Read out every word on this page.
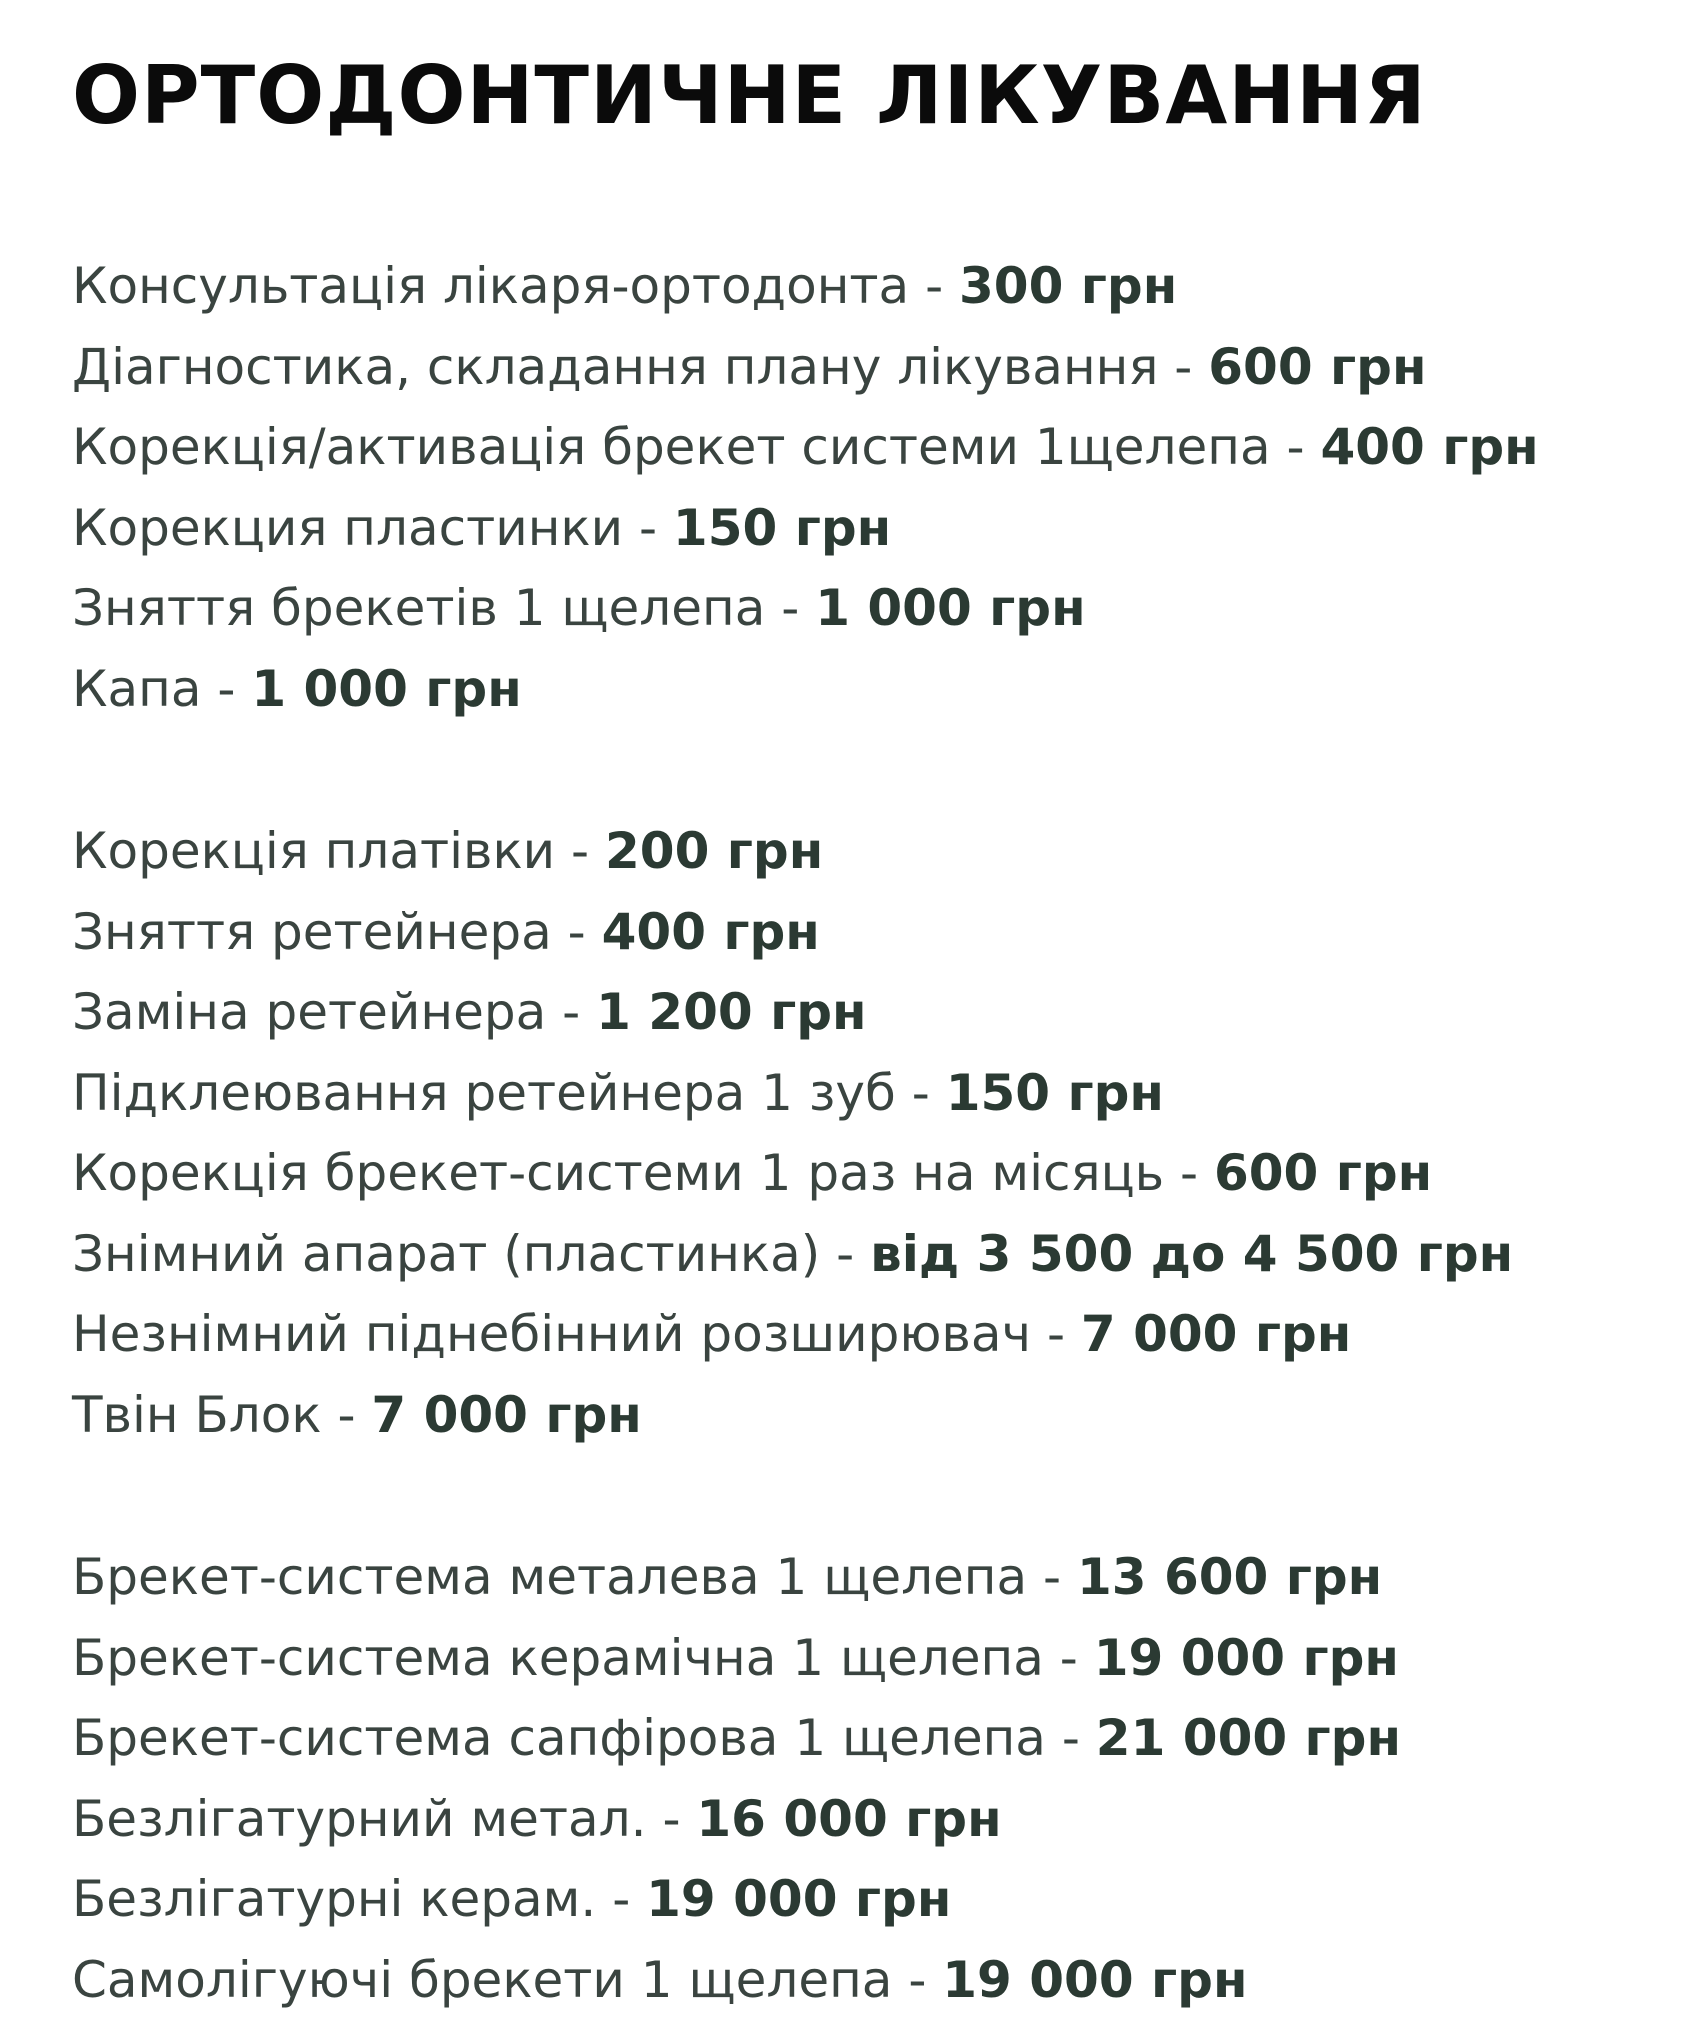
ОРТОДОНТИЧНЕ ЛІКУВАННЯ
Консультація лікаря-ортодонта - 300 грн
Діагностика, складання плану лікування - 600 грн
Корекція/активація брекет системи 1щелепа - 400 грн
Корекция пластинки - 150 грн
Зняття брекетів 1 щелепа - 1 000 грн
Капа - 1 000 грн
Корекція платівки - 200 грн
Зняття ретейнера - 400 грн
Заміна ретейнера - 1 200 грн
Підклеювання ретейнера 1 зуб - 150 грн
Корекція брекет-системи 1 раз на місяць - 600 грн
Знімний апарат (пластинка) - від 3 500 до 4 500 грн
Незнімний піднебінний розширювач - 7 000 грн
Твін Блок - 7 000 грн
Брекет-система металева 1 щелепа - 13 600 грн
Брекет-система керамічна 1 щелепа - 19 000 грн
Брекет-система сапфірова 1 щелепа - 21 000 грн
Безлігатурний метал. - 16 000 грн
Безлігатурні керам. - 19 000 грн
Самолігуючі брекети 1 щелепа - 19 000 грн
